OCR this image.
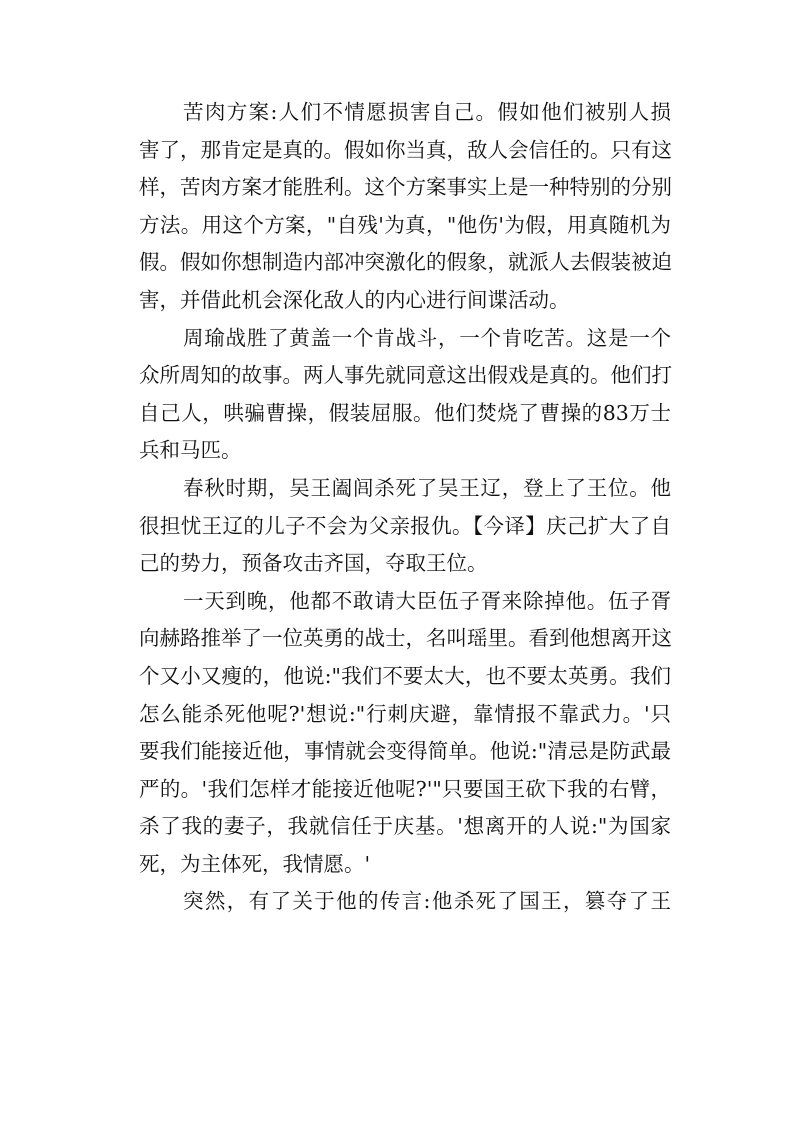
苦肉方案:人们不情愿损害自己。假如他们被别人损
害了，那肯定是真的。假如你当真，敌人会信任的。只有这
样，苦肉方案才能胜利。这个方案事实上是一种特别的分别
方法。用这个方案，"自残'为真，"他伤'为假，用真随机为
假。假如你想制造内部冲突激化的假象，就派人去假装被迫
害，并借此机会深化敌人的内心进行间谍活动。
周瑜战胜了黄盖一个肯战斗，一个肯吃苦。这是一个
众所周知的故事。两人事先就同意这出假戏是真的。他们打
自己人，哄骗曹操，假装屈服。他们焚烧了曹操的83万士
兵和马匹。
春秋时期，吴王阖闾杀死了吴王辽，登上了王位。他
很担忧王辽的儿子不会为父亲报仇。【今译】庆己扩大了自
己的势力，预备攻击齐国，夺取王位。
一天到晚，他都不敢请大臣伍子胥来除掉他。伍子胥
向赫路推举了一位英勇的战士，名叫瑶里。看到他想离开这
个又小又瘦的，他说:"我们不要太大，也不要太英勇。我们
怎么能杀死他呢?'想说:"行刺庆避，靠情报不靠武力。'只
要我们能接近他，事情就会变得简单。他说:"清忌是防武最
严的。'我们怎样才能接近他呢?'"只要国王砍下我的右臂，
杀了我的妻子，我就信任于庆基。'想离开的人说:"为国家
死，为主体死，我情愿。'
突然，有了关于他的传言:他杀死了国王，篡夺了王
